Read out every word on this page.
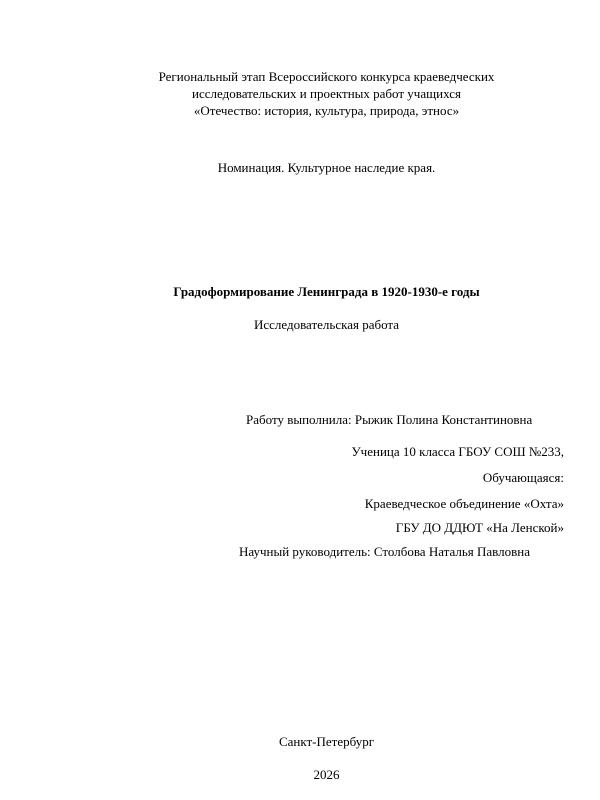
Региональный этап Всероссийского конкурса краеведческих
исследовательских и проектных работ учащихся
«Отечество: история, культура, природа, этнос»
Номинация. Культурное наследие края.
Градоформирование Ленинграда в 1920-1930-е годы
Исследовательская работа
Работу выполнила: Рыжик Полина Константиновна
Ученица 10 класса ГБОУ СОШ №233,
Обучающаяся:
Краеведческое объединение «Охта»
ГБУ ДО ДДЮТ «На Ленской»
Научный руководитель: Столбова Наталья Павловна
Санкт-Петербург
2026
